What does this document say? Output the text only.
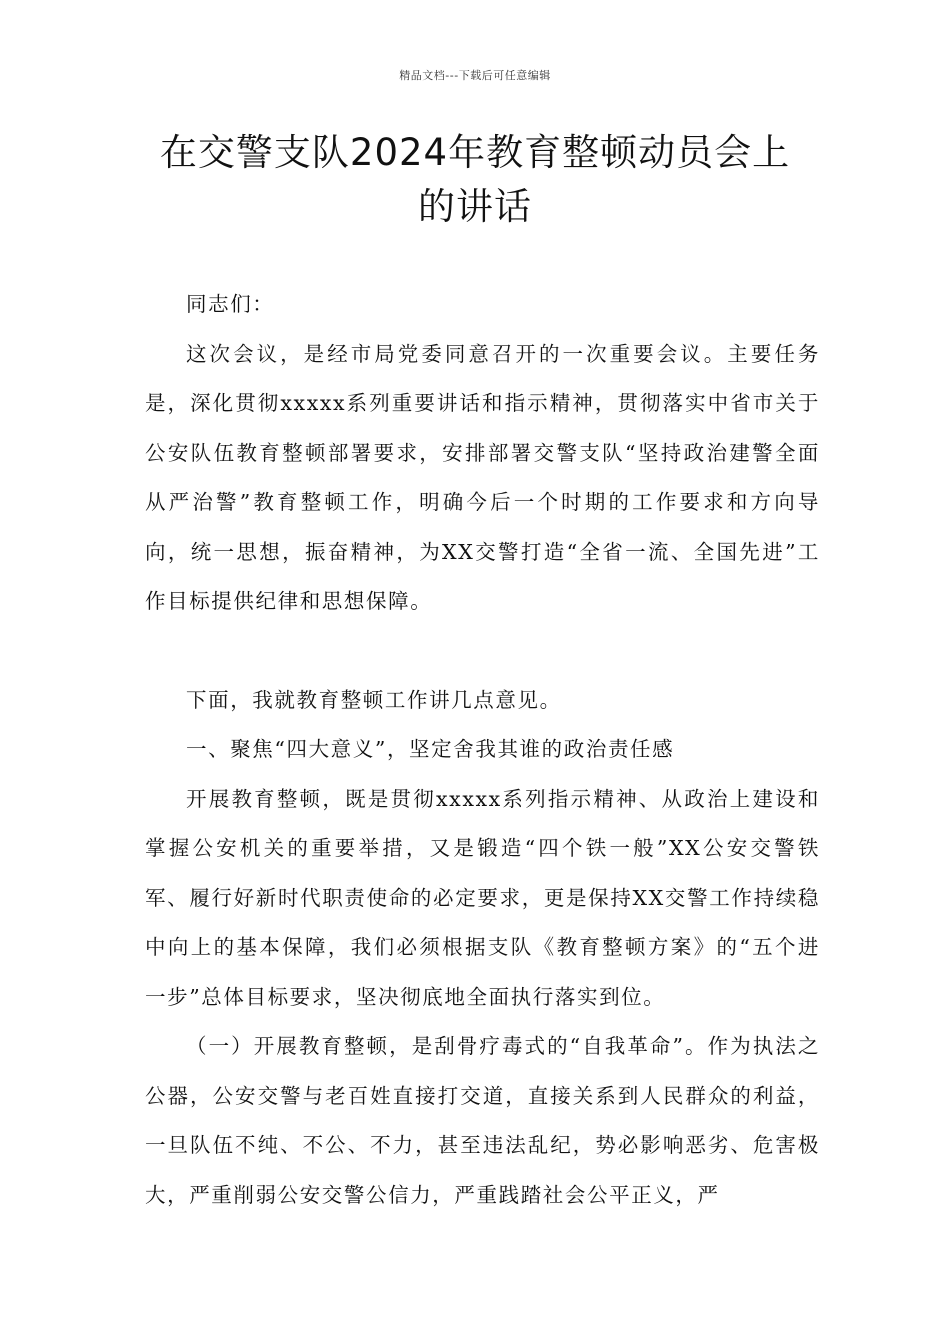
精品文档---下载后可任意编辑
在交警支队2024年教育整顿动员会上
的讲话

同志们：

这次会议，是经市局党委同意召开的一次重要会议。主要任务是，深化贯彻xxxxx系列重要讲话和指示精神，贯彻落实中省市关于公安队伍教育整顿部署要求，安排部署交警支队“坚持政治建警全面从严治警”教育整顿工作，明确今后一个时期的工作要求和方向导向，统一思想，振奋精神，为XX交警打造“全省一流、全国先进”工作目标提供纪律和思想保障。

下面，我就教育整顿工作讲几点意见。

一、聚焦“四大意义”，坚定舍我其谁的政治责任感

开展教育整顿，既是贯彻xxxxx系列指示精神、从政治上建设和掌握公安机关的重要举措，又是锻造“四个铁一般”XX公安交警铁军、履行好新时代职责使命的必定要求，更是保持XX交警工作持续稳中向上的基本保障，我们必须根据支队《教育整顿方案》的“五个进一步”总体目标要求，坚决彻底地全面执行落实到位。

（一）开展教育整顿，是刮骨疗毒式的“自我革命”。作为执法之公器，公安交警与老百姓直接打交道，直接关系到人民群众的利益，一旦队伍不纯、不公、不力，甚至违法乱纪，势必影响恶劣、危害极大，严重削弱公安交警公信力，严重践踏社会公平正义，严
